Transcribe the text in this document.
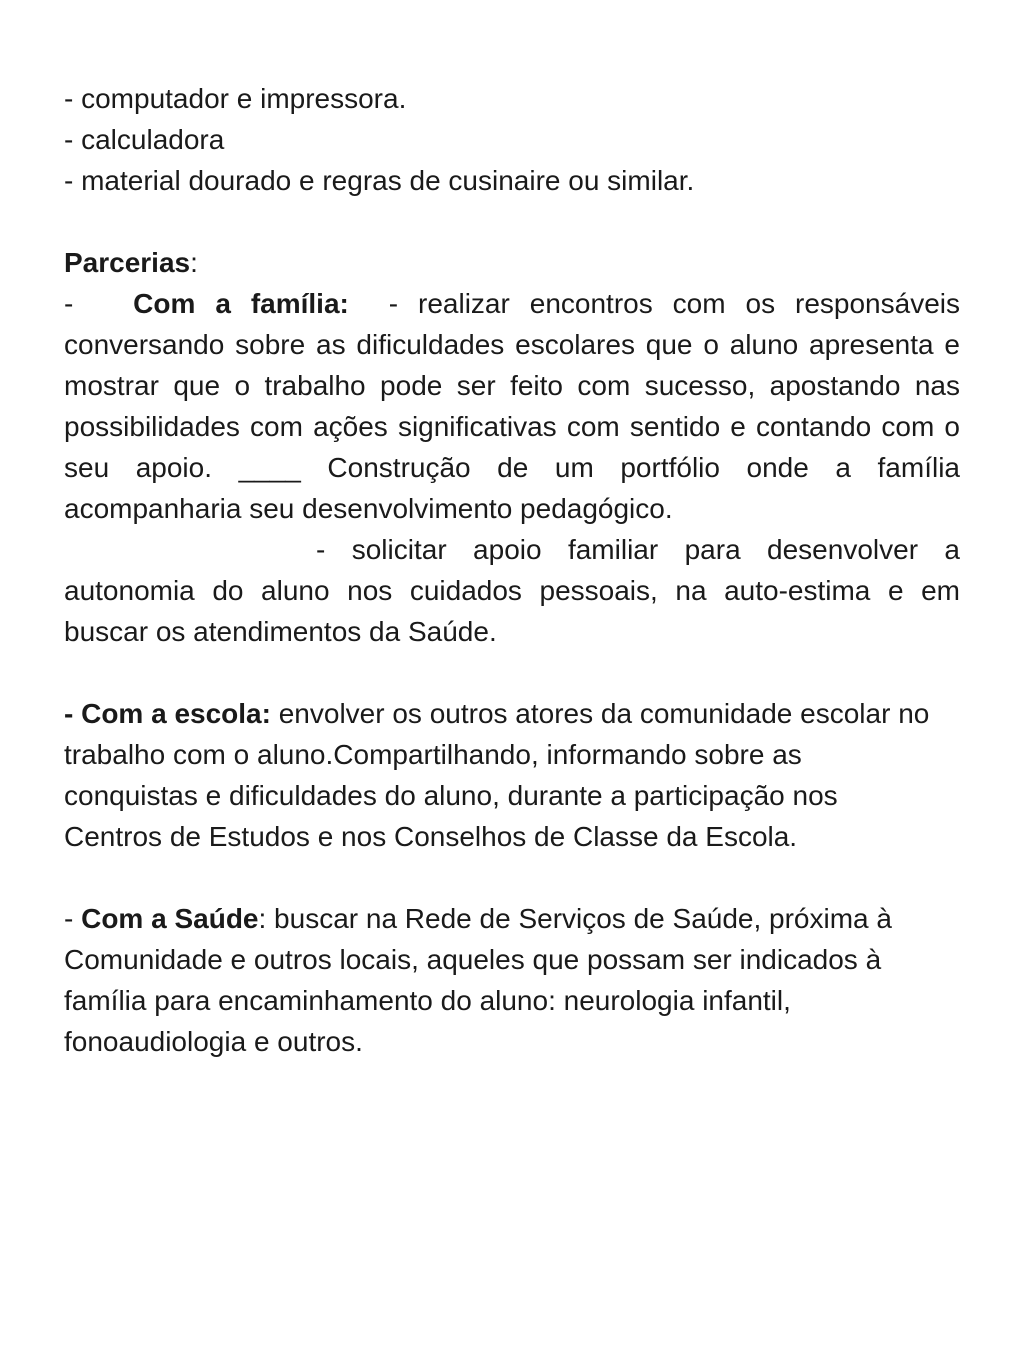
- computador e impressora.
- calculadora
- material dourado e regras de cusinaire ou similar.
Parcerias:

- Com a família: - realizar encontros com os responsáveis conversando sobre as dificuldades escolares que o aluno apresenta e mostrar que o trabalho pode ser feito com sucesso, apostando nas possibilidades com ações significativas com sentido e contando com o seu apoio. ____ Construção de um portfólio onde a família acompanharia seu desenvolvimento pedagógico.

- solicitar apoio familiar para desenvolver a autonomia do aluno nos cuidados pessoais, na auto-estima e em buscar os atendimentos da Saúde.

- Com a escola: envolver os outros atores da comunidade escolar no trabalho com o aluno.Compartilhando, informando sobre as conquistas e dificuldades do aluno, durante a participação nos Centros de Estudos e nos Conselhos de Classe da Escola.

- Com a Saúde: buscar na Rede de Serviços de Saúde, próxima à Comunidade e outros locais, aqueles que possam ser indicados à família para encaminhamento do aluno: neurologia infantil, fonoaudiologia e outros.
